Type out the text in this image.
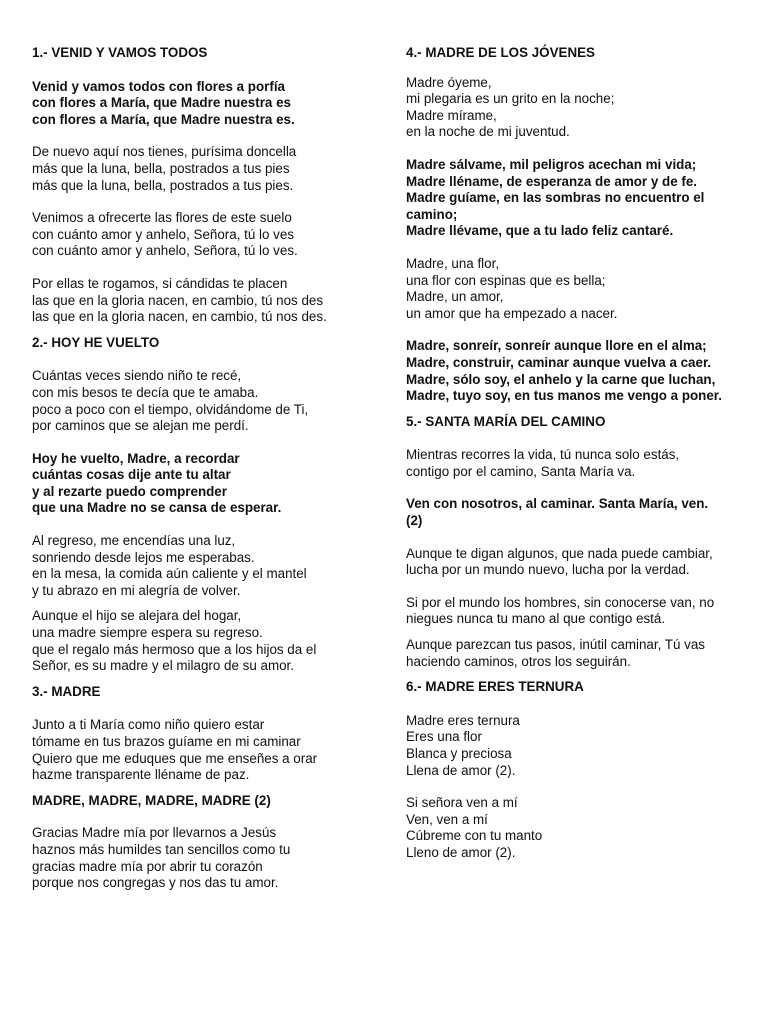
1.- VENID Y VAMOS TODOS
Venid y vamos todos con flores a porfía
con flores a María, que Madre nuestra es
con flores a María, que Madre nuestra es.
De nuevo aquí nos tienes, purísima doncella
más que la luna, bella, postrados a tus pies
más que la luna, bella, postrados a tus pies.
Venimos a ofrecerte las flores de este suelo
con cuánto amor y anhelo, Señora, tú lo ves
con cuánto amor y anhelo, Señora, tú lo ves.
Por ellas te rogamos, si cándidas te placen
las que en la gloria nacen, en cambio, tú nos des
las que en la gloria nacen, en cambio, tú nos des.
2.- HOY HE VUELTO
Cuántas veces siendo niño te recé,
con mis besos te decía que te amaba.
poco a poco con el tiempo, olvidándome de Ti,
por caminos que se alejan me perdí.
Hoy he vuelto, Madre, a recordar
cuántas cosas dije ante tu altar
y al rezarte puedo comprender
que una Madre no se cansa de esperar.
Al regreso, me encendías una luz,
sonriendo desde lejos me esperabas.
en la mesa, la comida aún caliente y el mantel
y tu abrazo en mi alegría de volver.
Aunque el hijo se alejara del hogar,
una madre siempre espera su regreso.
que el regalo más hermoso que a los hijos da el
Señor, es su madre y el milagro de su amor.
3.- MADRE
Junto a ti María como niño quiero estar
tómame en tus brazos guíame en mi caminar
Quiero que me eduques que me enseñes a orar
hazme transparente lléname de paz.
MADRE, MADRE, MADRE, MADRE (2)
Gracias Madre mía por llevarnos a Jesús
haznos más humildes tan sencillos como tu
gracias madre mía por abrir tu corazón
porque nos congregas y nos das tu amor.
4.- MADRE DE LOS JÓVENES
Madre óyeme,
mi plegaria es un grito en la noche;
Madre mírame,
en la noche de mi juventud.
Madre sálvame, mil peligros acechan mi vida;
Madre lléname, de esperanza de amor y de fe.
Madre guíame, en las sombras no encuentro el
camino;
Madre llévame, que a tu lado feliz cantaré.
Madre, una flor,
una flor con espinas que es bella;
Madre, un amor,
un amor que ha empezado a nacer.
Madre, sonreír, sonreír aunque llore en el alma;
Madre, construir, caminar aunque vuelva a caer.
Madre, sólo soy, el anhelo y la carne que luchan,
Madre, tuyo soy, en tus manos me vengo a poner.
5.- SANTA MARÍA DEL CAMINO
Mientras recorres la vida, tú nunca solo estás,
contigo por el camino, Santa María va.
Ven con nosotros, al caminar. Santa María, ven.
(2)
Aunque te digan algunos, que nada puede cambiar,
lucha por un mundo nuevo, lucha por la verdad.
Si por el mundo los hombres, sin conocerse van, no
niegues nunca tu mano al que contigo está.
Aunque parezcan tus pasos, inútil caminar, Tú vas
haciendo caminos, otros los seguirán.
6.- MADRE ERES TERNURA
Madre eres ternura
Eres una flor
Blanca y preciosa
Llena de amor (2).
Si señora ven a mí
Ven, ven a mí
Cúbreme con tu manto
Lleno de amor (2).
